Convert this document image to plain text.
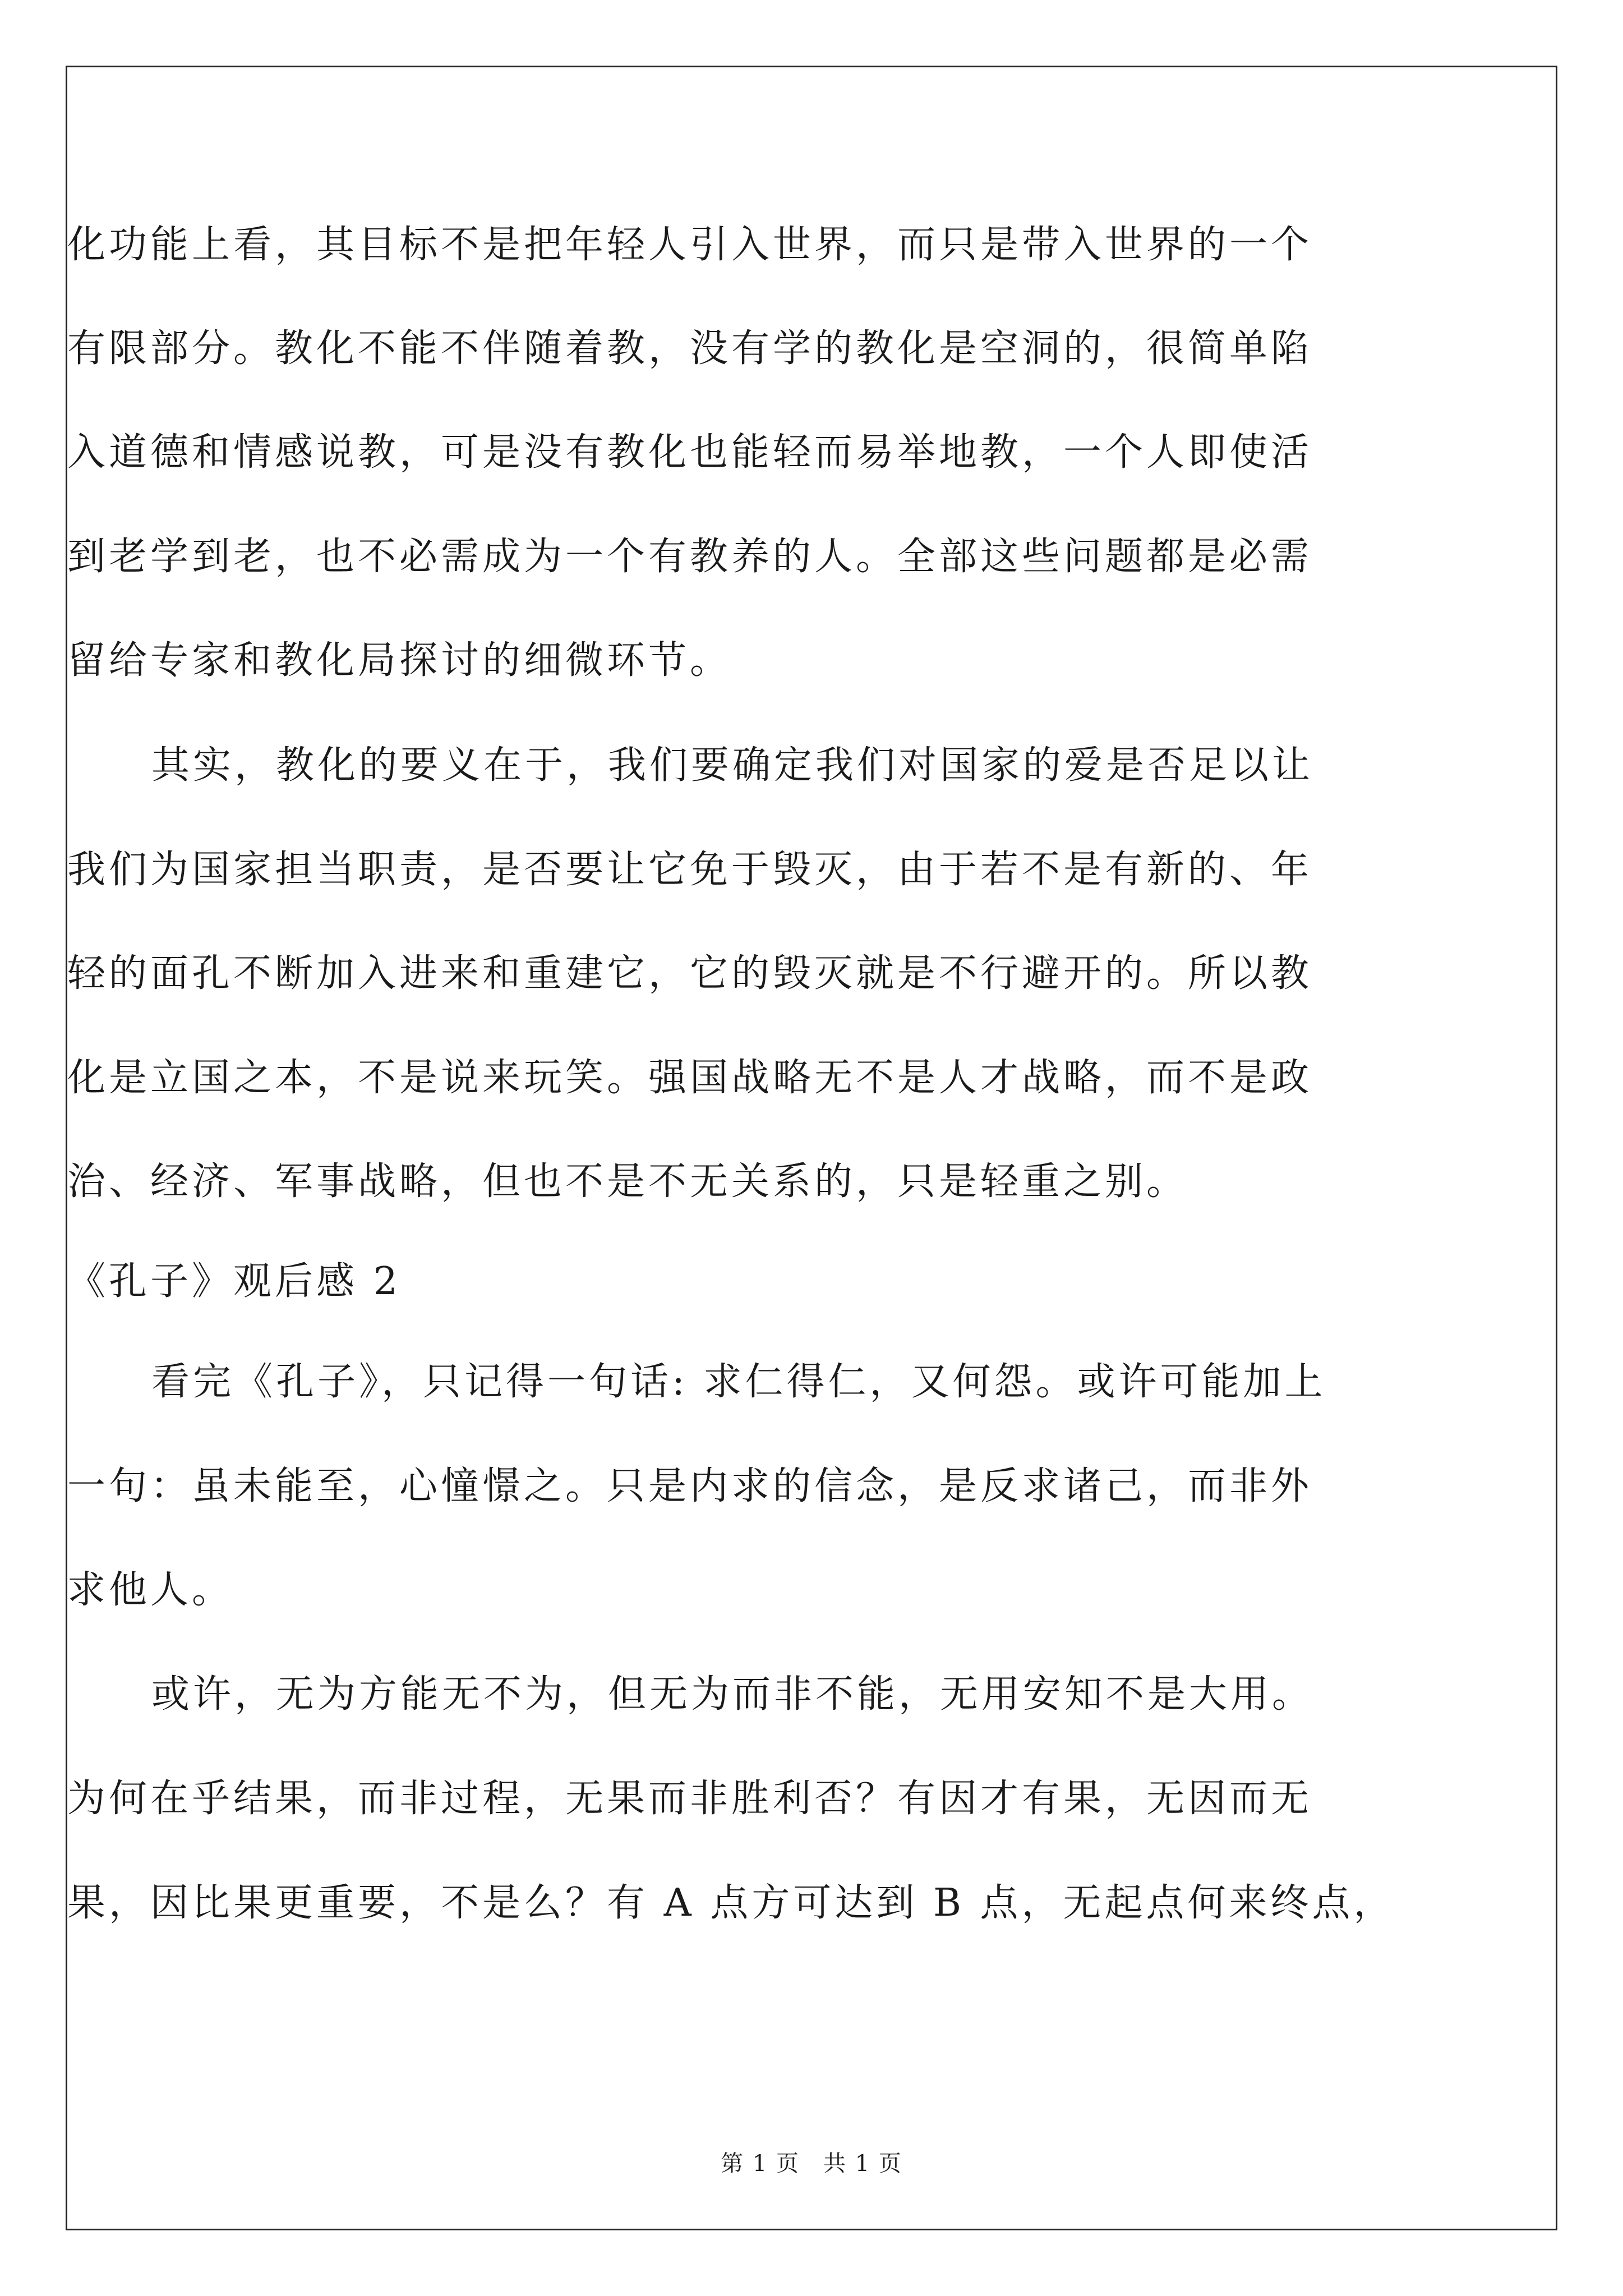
化功能上看，其目标不是把年轻人引入世界，而只是带入世界的一个
有限部分。教化不能不伴随着教，没有学的教化是空洞的，很简单陷
入道德和情感说教，可是没有教化也能轻而易举地教，一个人即使活
到老学到老，也不必需成为一个有教养的人。全部这些问题都是必需
留给专家和教化局探讨的细微环节。
其实，教化的要义在于，我们要确定我们对国家的爱是否足以让
我们为国家担当职责，是否要让它免于毁灭，由于若不是有新的、年
轻的面孔不断加入进来和重建它，它的毁灭就是不行避开的。所以教
化是立国之本，不是说来玩笑。强国战略无不是人才战略，而不是政
治、经济、军事战略，但也不是不无关系的，只是轻重之别。
《孔子》观后感 2
看完《孔子》，只记得一句话: 求仁得仁，又何怨。或许可能加上
一句：虽未能至，心憧憬之。只是内求的信念，是反求诸己，而非外
求他人。
或许，无为方能无不为，但无为而非不能，无用安知不是大用。
为何在乎结果，而非过程，无果而非胜利否？有因才有果，无因而无
果，因比果更重要，不是么？有 A 点方可达到 B 点，无起点何来终点，
第 1 页　共 1 页
